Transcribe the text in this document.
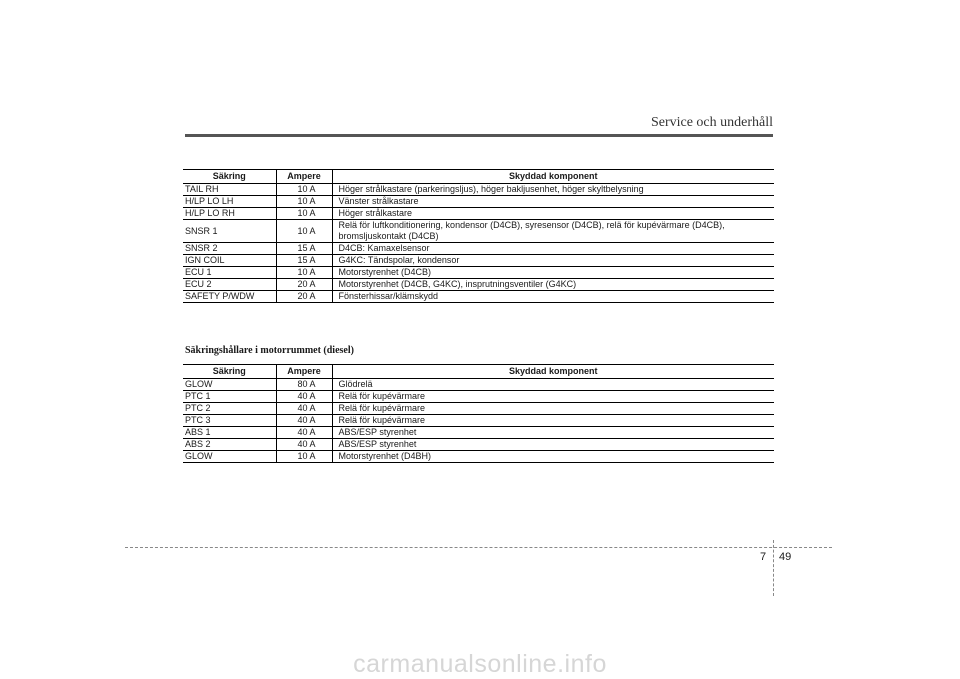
Service och underhåll
Säkring	Ampere	Skyddad komponent
TAIL RH	10 A	Höger strålkastare (parkeringsljus), höger bakljusenhet, höger skyltbelysning
H/LP LO LH	10 A	Vänster strålkastare
H/LP LO RH	10 A	Höger strålkastare
SNSR 1	10 A	Relä för luftkonditionering, kondensor (D4CB), syresensor (D4CB), relä för kupévärmare (D4CB),
bromsljuskontakt (D4CB)

SNSR 2	15 A	D4CB: Kamaxelsensor
IGN COIL	15 A	G4KC: Tändspolar, kondensor
ECU 1	10 A	Motorstyrenhet (D4CB)
ECU 2	20 A	Motorstyrenhet (D4CB, G4KC), insprutningsventiler (G4KC)
SAFETY P/WDW	20 A	Fönsterhissar/klämskydd
Säkringshållare i motorrummet (diesel)
Säkring	Ampere	Skyddad komponent
GLOW	80 A	Glödrelä
PTC 1	40 A	Relä för kupévärmare
PTC 2	40 A	Relä för kupévärmare
PTC 3	40 A	Relä för kupévärmare
ABS 1	40 A	ABS/ESP styrenhet
ABS 2	40 A	ABS/ESP styrenhet
GLOW	10 A	Motorstyrenhet (D4BH)
7 49
carmanualsonline.info
